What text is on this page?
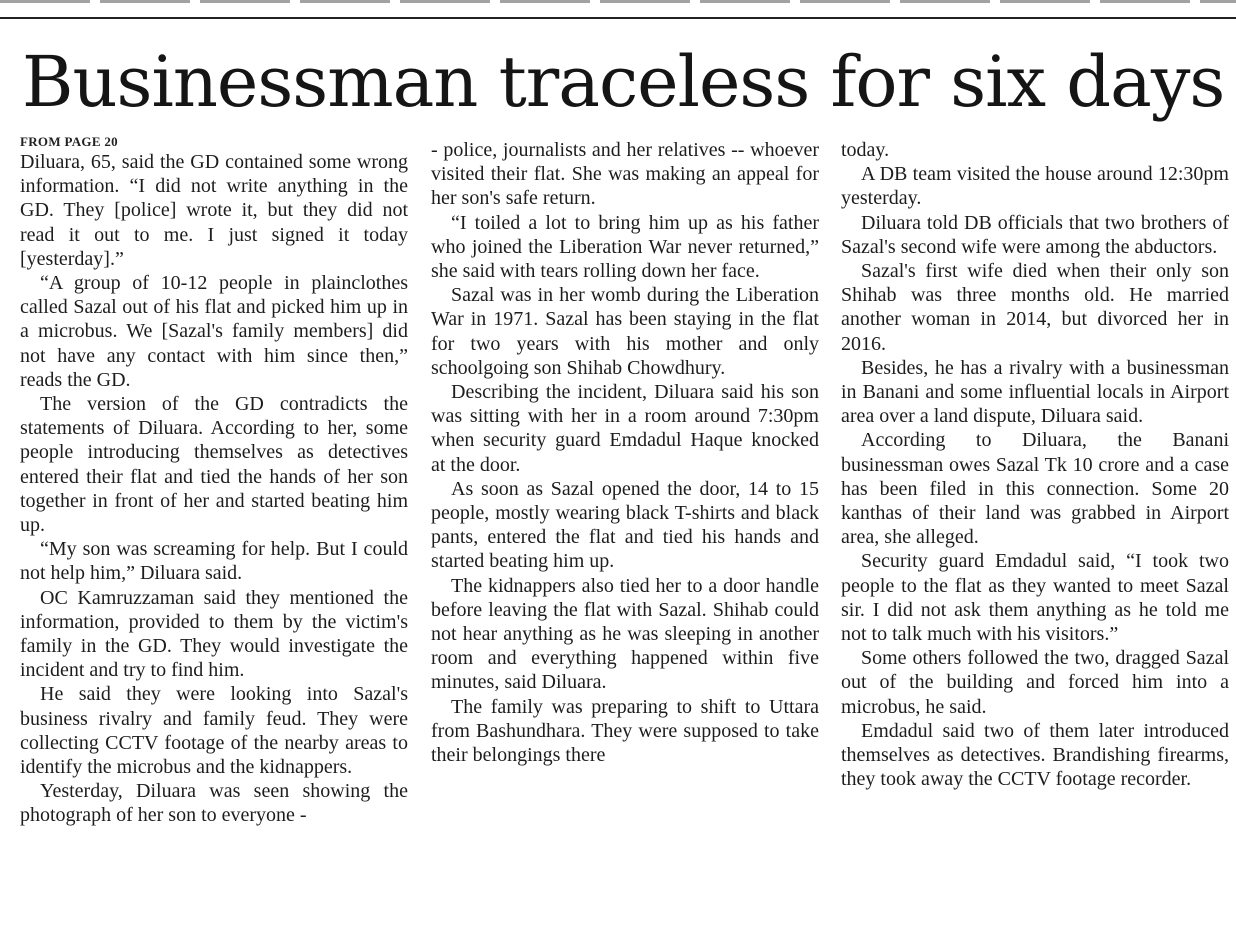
Businessman traceless for six days
FROM PAGE 20

Diluara, 65, said the GD contained some wrong information. “I did not write anything in the GD. They [police] wrote it, but they did not read it out to me. I just signed it today [yesterday].”

“A group of 10-12 people in plainclothes called Sazal out of his flat and picked him up in a microbus. We [Sazal's family members] did not have any contact with him since then,” reads the GD.

The version of the GD contradicts the statements of Diluara. According to her, some people introducing themselves as detectives entered their flat and tied the hands of her son together in front of her and started beating him up.

“My son was screaming for help. But I could not help him,” Diluara said.

OC Kamruzzaman said they mentioned the information, provided to them by the victim's family in the GD. They would investigate the incident and try to find him.

He said they were looking into Sazal's business rivalry and family feud. They were collecting CCTV footage of the nearby areas to identify the microbus and the kidnappers.

Yesterday, Diluara was seen showing the photograph of her son to everyone -

- police, journalists and her relatives -- whoever visited their flat. She was making an appeal for her son's safe return.

“I toiled a lot to bring him up as his father who joined the Liberation War never returned,” she said with tears rolling down her face.

Sazal was in her womb during the Liberation War in 1971. Sazal has been staying in the flat for two years with his mother and only schoolgoing son Shihab Chowdhury.

Describing the incident, Diluara said his son was sitting with her in a room around 7:30pm when security guard Emdadul Haque knocked at the door.

As soon as Sazal opened the door, 14 to 15 people, mostly wearing black T-shirts and black pants, entered the flat and tied his hands and started beating him up.

The kidnappers also tied her to a door handle before leaving the flat with Sazal. Shihab could not hear anything as he was sleeping in another room and everything happened within five minutes, said Diluara.

The family was preparing to shift to Uttara from Bashundhara. They were supposed to take their belongings there

today.

A DB team visited the house around 12:30pm yesterday.

Diluara told DB officials that two brothers of Sazal's second wife were among the abductors.

Sazal's first wife died when their only son Shihab was three months old. He married another woman in 2014, but divorced her in 2016.

Besides, he has a rivalry with a businessman in Banani and some influential locals in Airport area over a land dispute, Diluara said.

According to Diluara, the Banani businessman owes Sazal Tk 10 crore and a case has been filed in this connection. Some 20 kanthas of their land was grabbed in Airport area, she alleged.

Security guard Emdadul said, “I took two people to the flat as they wanted to meet Sazal sir. I did not ask them anything as he told me not to talk much with his visitors.”

Some others followed the two, dragged Sazal out of the building and forced him into a microbus, he said.

Emdadul said two of them later introduced themselves as detectives. Brandishing firearms, they took away the CCTV footage recorder.
